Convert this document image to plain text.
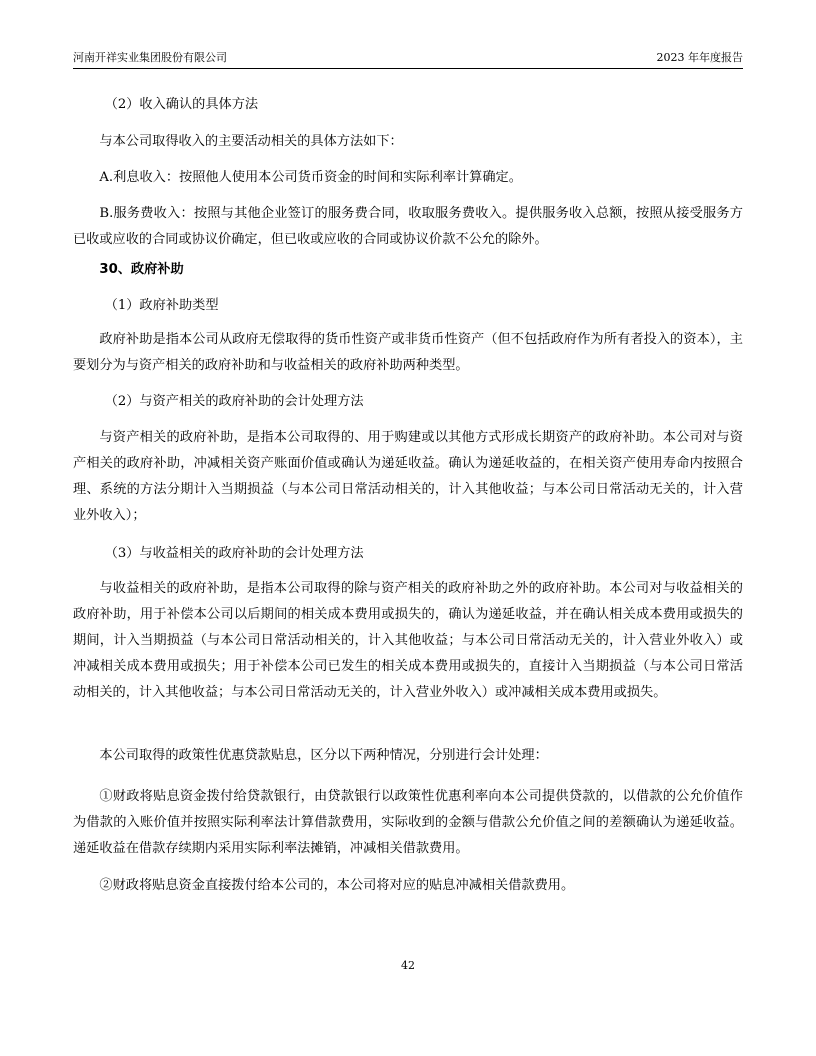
河南开祥实业集团股份有限公司	2023 年年度报告

（2）收入确认的具体方法

与本公司取得收入的主要活动相关的具体方法如下：

A.利息收入：按照他人使用本公司货币资金的时间和实际利率计算确定。

B.服务费收入：按照与其他企业签订的服务费合同，收取服务费收入。提供服务收入总额，按照从接受服务方已收或应收的合同或协议价确定，但已收或应收的合同或协议价款不公允的除外。

30、政府补助

（1）政府补助类型

政府补助是指本公司从政府无偿取得的货币性资产或非货币性资产（但不包括政府作为所有者投入的资本），主要划分为与资产相关的政府补助和与收益相关的政府补助两种类型。

（2）与资产相关的政府补助的会计处理方法

与资产相关的政府补助，是指本公司取得的、用于购建或以其他方式形成长期资产的政府补助。本公司对与资产相关的政府补助，冲减相关资产账面价值或确认为递延收益。确认为递延收益的，在相关资产使用寿命内按照合理、系统的方法分期计入当期损益（与本公司日常活动相关的，计入其他收益；与本公司日常活动无关的，计入营业外收入）；

（3）与收益相关的政府补助的会计处理方法

与收益相关的政府补助，是指本公司取得的除与资产相关的政府补助之外的政府补助。本公司对与收益相关的政府补助，用于补偿本公司以后期间的相关成本费用或损失的，确认为递延收益，并在确认相关成本费用或损失的期间，计入当期损益（与本公司日常活动相关的，计入其他收益；与本公司日常活动无关的，计入营业外收入）或冲减相关成本费用或损失；用于补偿本公司已发生的相关成本费用或损失的，直接计入当期损益（与本公司日常活动相关的，计入其他收益；与本公司日常活动无关的，计入营业外收入）或冲减相关成本费用或损失。

本公司取得的政策性优惠贷款贴息，区分以下两种情况，分别进行会计处理：

①财政将贴息资金拨付给贷款银行，由贷款银行以政策性优惠利率向本公司提供贷款的，以借款的公允价值作为借款的入账价值并按照实际利率法计算借款费用，实际收到的金额与借款公允价值之间的差额确认为递延收益。递延收益在借款存续期内采用实际利率法摊销，冲减相关借款费用。

②财政将贴息资金直接拨付给本公司的，本公司将对应的贴息冲减相关借款费用。

42
